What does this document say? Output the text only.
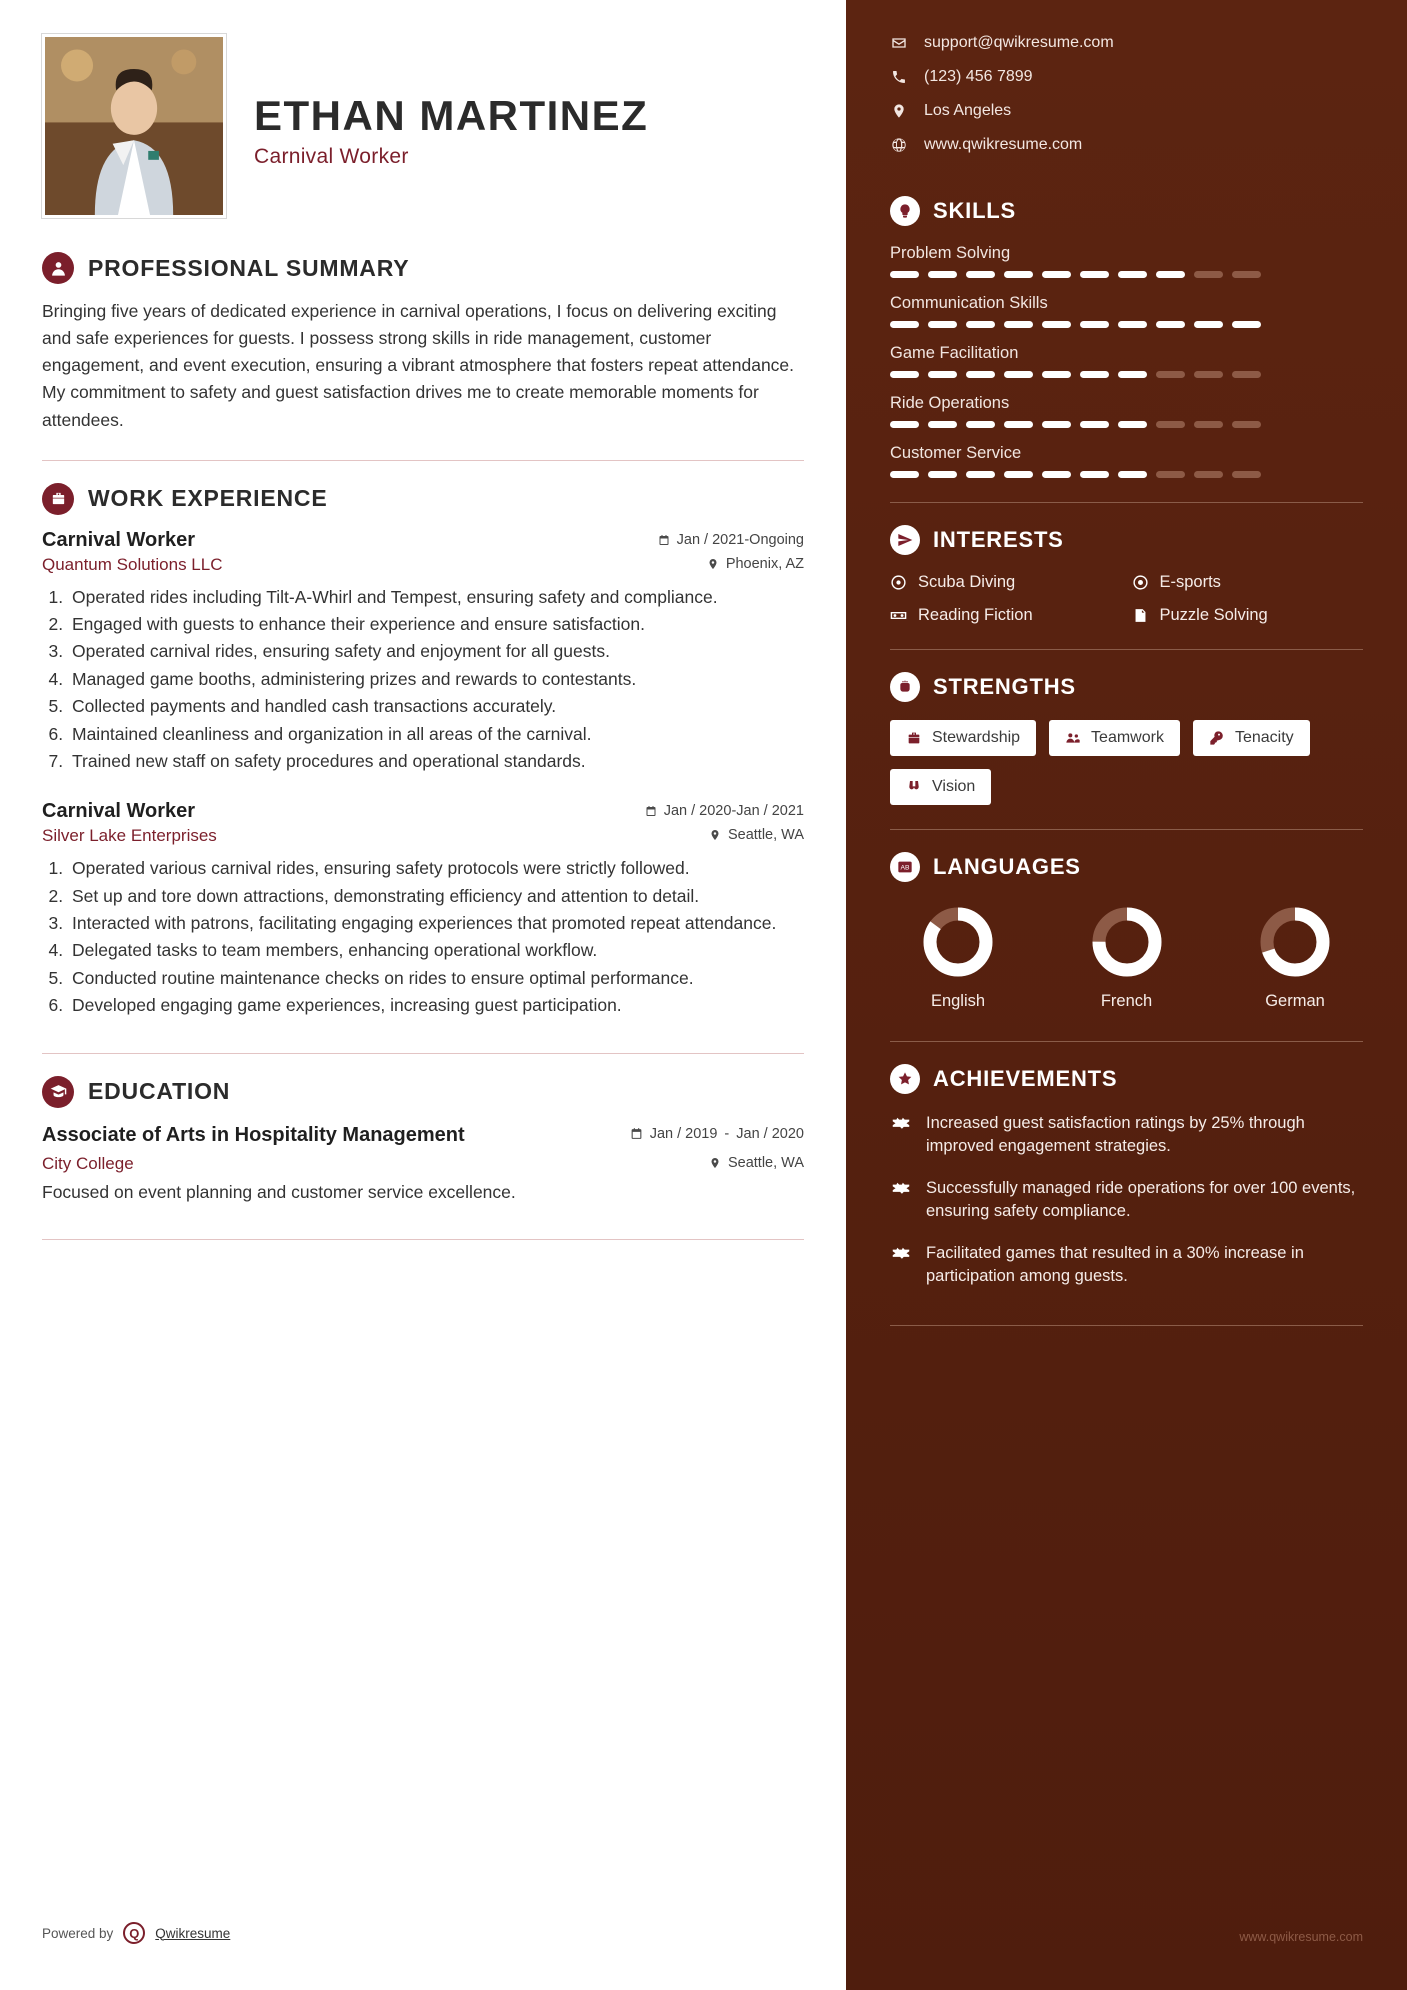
ETHAN MARTINEZ
Carnival Worker
PROFESSIONAL SUMMARY
Bringing five years of dedicated experience in carnival operations, I focus on delivering exciting and safe experiences for guests. I possess strong skills in ride management, customer engagement, and event execution, ensuring a vibrant atmosphere that fosters repeat attendance. My commitment to safety and guest satisfaction drives me to create memorable moments for attendees.
WORK EXPERIENCE
Carnival Worker	Jan / 2021-Ongoing
Quantum Solutions LLC	Phoenix, AZ
1. Operated rides including Tilt-A-Whirl and Tempest, ensuring safety and compliance.
2. Engaged with guests to enhance their experience and ensure satisfaction.
3. Operated carnival rides, ensuring safety and enjoyment for all guests.
4. Managed game booths, administering prizes and rewards to contestants.
5. Collected payments and handled cash transactions accurately.
6. Maintained cleanliness and organization in all areas of the carnival.
7. Trained new staff on safety procedures and operational standards.
Carnival Worker	Jan / 2020-Jan / 2021
Silver Lake Enterprises	Seattle, WA
1. Operated various carnival rides, ensuring safety protocols were strictly followed.
2. Set up and tore down attractions, demonstrating efficiency and attention to detail.
3. Interacted with patrons, facilitating engaging experiences that promoted repeat attendance.
4. Delegated tasks to team members, enhancing operational workflow.
5. Conducted routine maintenance checks on rides to ensure optimal performance.
6. Developed engaging game experiences, increasing guest participation.
EDUCATION
Associate of Arts in Hospitality Management	Jan / 2019 - Jan / 2020
City College	Seattle, WA
Focused on event planning and customer service excellence.
Powered by	Q	Qwikresume
support@qwikresume.com
(123) 456 7899
Los Angeles
www.qwikresume.com
SKILLS
Problem Solving
Communication Skills
Game Facilitation
Ride Operations
Customer Service
INTERESTS
Scuba Diving	E-sports
Reading Fiction	Puzzle Solving
STRENGTHS
Stewardship	Teamwork	Tenacity
Vision
AB LANGUAGES
English	French	German
ACHIEVEMENTS
Increased guest satisfaction ratings by 25% through improved engagement strategies.
Successfully managed ride operations for over 100 events, ensuring safety compliance.
Facilitated games that resulted in a 30% increase in participation among guests.
www.qwikresume.com
